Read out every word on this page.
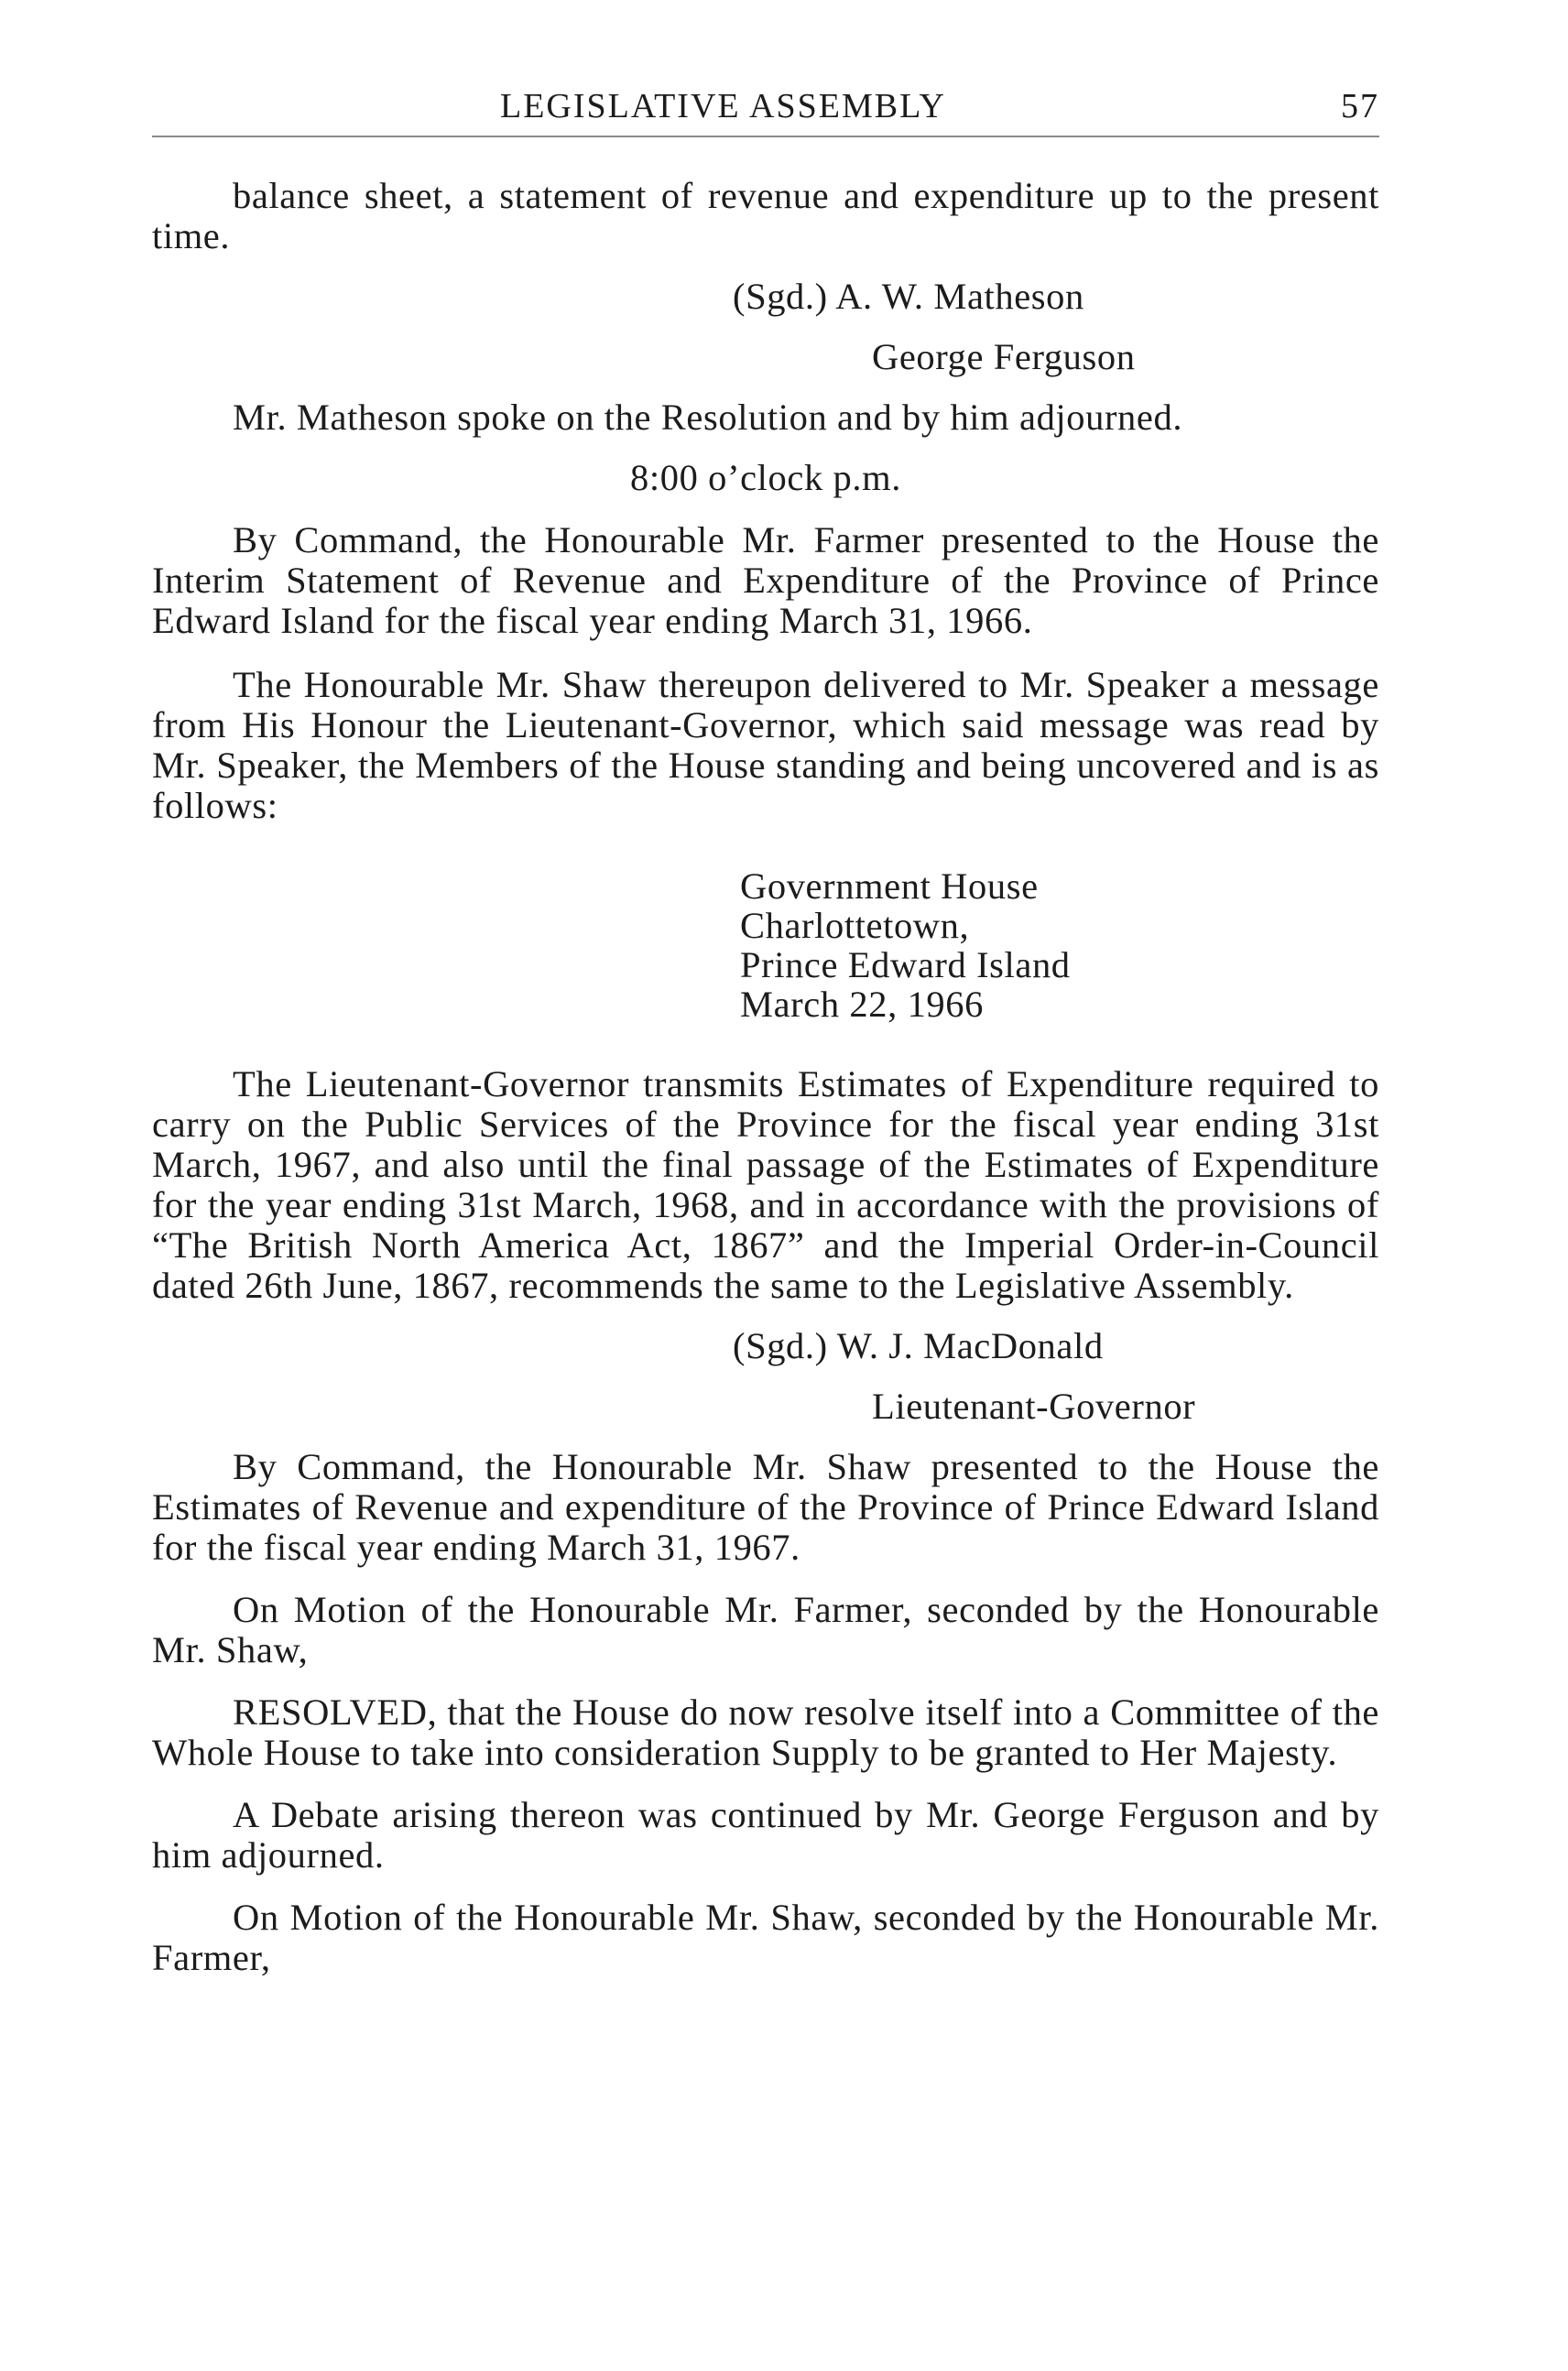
LEGISLATIVE ASSEMBLY	57

balance sheet, a statement of revenue and expenditure up to the present time.

(Sgd.) A. W. Matheson

George Ferguson

Mr. Matheson spoke on the Resolution and by him adjourned.

8:00 o’clock p.m.

By Command, the Honourable Mr. Farmer presented to the House the Interim Statement of Revenue and Expenditure of the Province of Prince Edward Island for the fiscal year ending March 31, 1966.

The Honourable Mr. Shaw thereupon delivered to Mr. Speaker a message from His Honour the Lieutenant-Governor, which said message was read by Mr. Speaker, the Members of the House standing and being uncovered and is as follows:

Government House
Charlottetown,
Prince Edward Island
March 22, 1966

The Lieutenant-Governor transmits Estimates of Expenditure required to carry on the Public Services of the Province for the fiscal year ending 31st March, 1967, and also until the final passage of the Estimates of Expenditure for the year ending 31st March, 1968, and in accordance with the provisions of “The British North America Act, 1867” and the Imperial Order-in-Council dated 26th June, 1867, recommends the same to the Legislative Assembly.

(Sgd.) W. J. MacDonald

Lieutenant-Governor

By Command, the Honourable Mr. Shaw presented to the House the Estimates of Revenue and expenditure of the Province of Prince Edward Island for the fiscal year ending March 31, 1967.

On Motion of the Honourable Mr. Farmer, seconded by the Honourable Mr. Shaw,

RESOLVED, that the House do now resolve itself into a Committee of the Whole House to take into consideration Supply to be granted to Her Majesty.

A Debate arising thereon was continued by Mr. George Ferguson and by him adjourned.

On Motion of the Honourable Mr. Shaw, seconded by the Honourable Mr. Farmer,
